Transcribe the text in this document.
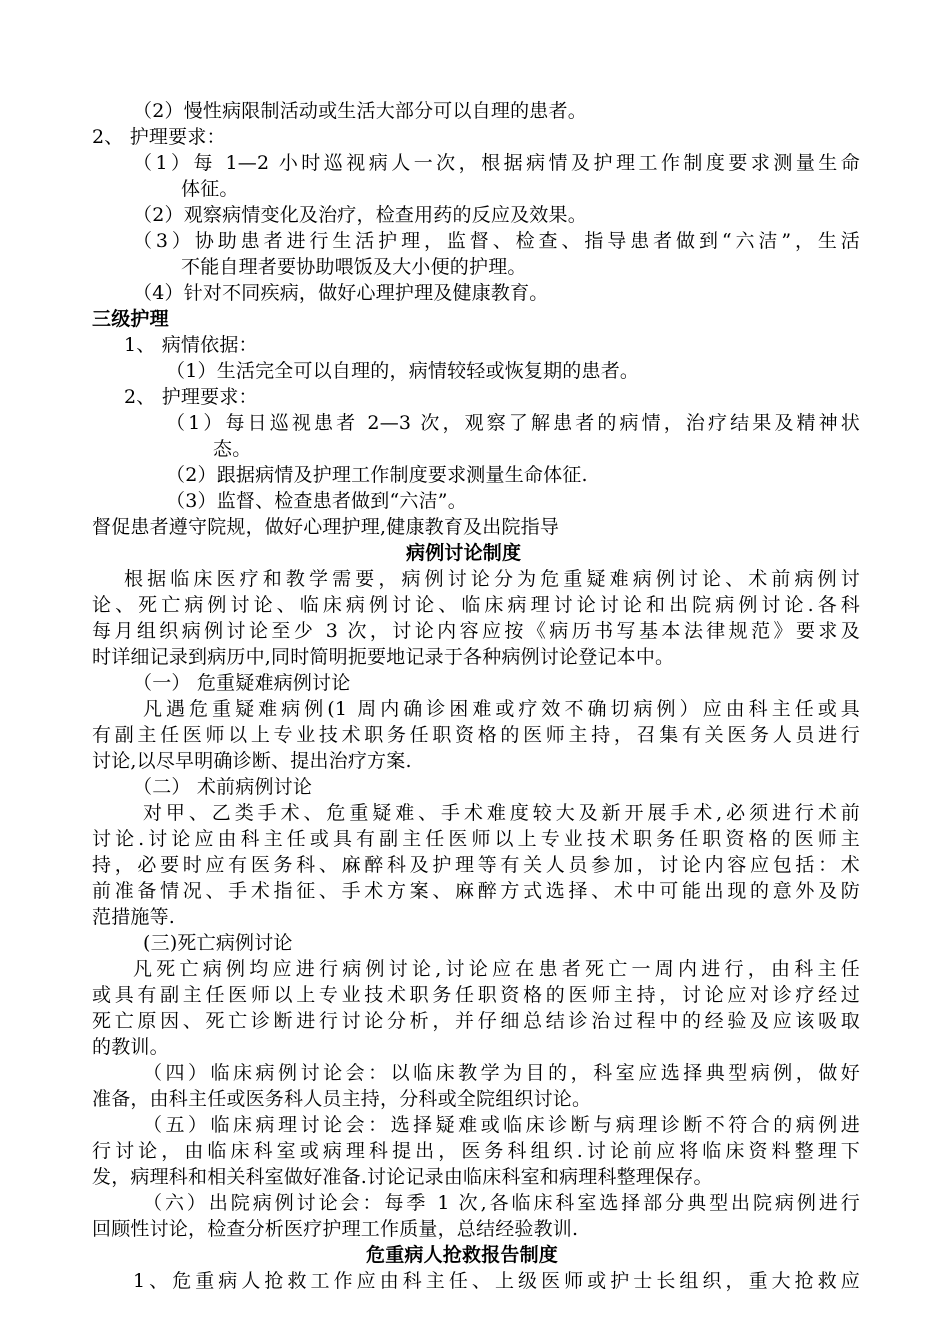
（2）慢性病限制活动或生活大部分可以自理的患者。
2、 护理要求：
（1）每 1—2 小时巡视病人一次，根据病情及护理工作制度要求测量生命
体征。
（2）观察病情变化及治疗，检查用药的反应及效果。
（3）协助患者进行生活护理，监督、检查、指导患者做到“六洁”，生活
不能自理者要协助喂饭及大小便的护理。
（4）针对不同疾病，做好心理护理及健康教育。
三级护理
1、 病情依据：
（1）生活完全可以自理的，病情较轻或恢复期的患者。
2、 护理要求：
（1）每日巡视患者 2—3 次，观察了解患者的病情，治疗结果及精神状
态。
（2）跟据病情及护理工作制度要求测量生命体征.
（3）监督、检查患者做到“六洁”。
督促患者遵守院规，做好心理护理,健康教育及出院指导
病例讨论制度
根据临床医疗和教学需要，病例讨论分为危重疑难病例讨论、术前病例讨
论、死亡病例讨论、临床病例讨论、临床病理讨论讨论和出院病例讨论.各科
每月组织病例讨论至少 3 次，讨论内容应按《病历书写基本法律规范》要求及
时详细记录到病历中,同时简明扼要地记录于各种病例讨论登记本中。
（一） 危重疑难病例讨论
凡遇危重疑难病例(1 周内确诊困难或疗效不确切病例）应由科主任或具
有副主任医师以上专业技术职务任职资格的医师主持，召集有关医务人员进行
讨论,以尽早明确诊断、提出治疗方案.
（二） 术前病例讨论
对甲、乙类手术、危重疑难、手术难度较大及新开展手术,必须进行术前
讨论.讨论应由科主任或具有副主任医师以上专业技术职务任职资格的医师主
持，必要时应有医务科、麻醉科及护理等有关人员参加，讨论内容应包括：术
前准备情况、手术指征、手术方案、麻醉方式选择、术中可能出现的意外及防
范措施等.
(三)死亡病例讨论
凡死亡病例均应进行病例讨论,讨论应在患者死亡一周内进行，由科主任
或具有副主任医师以上专业技术职务任职资格的医师主持，讨论应对诊疗经过
死亡原因、死亡诊断进行讨论分析，并仔细总结诊治过程中的经验及应该吸取
的教训。
（四）临床病例讨论会：以临床教学为目的，科室应选择典型病例，做好
准备，由科主任或医务科人员主持，分科或全院组织讨论。
（五）临床病理讨论会：选择疑难或临床诊断与病理诊断不符合的病例进
行讨论，由临床科室或病理科提出，医务科组织.讨论前应将临床资料整理下
发，病理科和相关科室做好准备.讨论记录由临床科室和病理科整理保存。
（六）出院病例讨论会：每季 1 次,各临床科室选择部分典型出院病例进行
回顾性讨论，检查分析医疗护理工作质量，总结经验教训.
危重病人抢救报告制度
1、危重病人抢救工作应由科主任、上级医师或护士长组织，重大抢救应
